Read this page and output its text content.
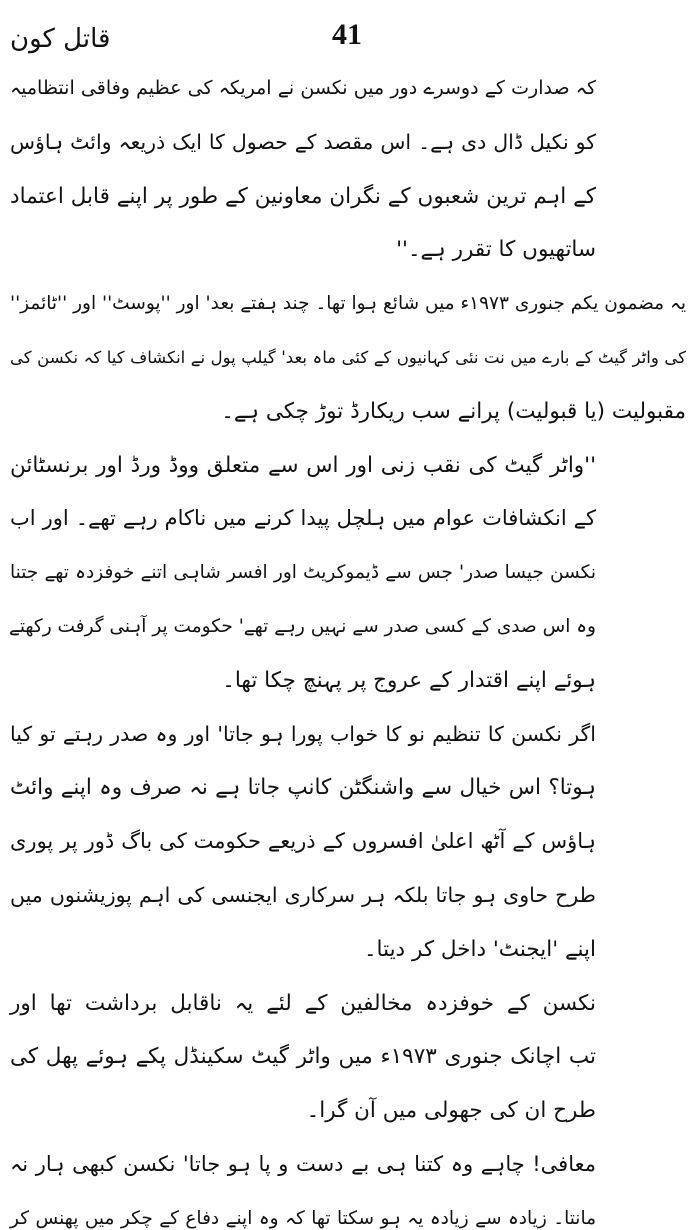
41
قاتل کون
کہ صدارت کے دوسرے دور میں نکسن نے امریکہ کی عظیم وفاقی انتظامیہ
کو نکیل ڈال دی ہے۔ اس مقصد کے حصول کا ایک ذریعہ وائٹ ہاؤس
کے اہم ترین شعبوں کے نگران معاونین کے طور پر اپنے قابل اعتماد
ساتھیوں کا تقرر ہے۔''
یہ مضمون یکم جنوری ۱۹۷۳ء میں شائع ہوا تھا۔ چند ہفتے بعد' اور ''پوسٹ'' اور ''ٹائمز''
کی واٹر گیٹ کے بارے میں نت نئی کہانیوں کے کئی ماہ بعد' گیلپ پول نے انکشاف کیا کہ نکسن کی
مقبولیت (یا قبولیت) پرانے سب ریکارڈ توڑ چکی ہے۔
''واٹر گیٹ کی نقب زنی اور اس سے متعلق ووڈ ورڈ اور برنسٹائن
کے انکشافات عوام میں ہلچل پیدا کرنے میں ناکام رہے تھے۔ اور اب
نکسن جیسا صدر' جس سے ڈیموکریٹ اور افسر شاہی اتنے خوفزدہ تھے جتنا
وہ اس صدی کے کسی صدر سے نہیں رہے تھے' حکومت پر آہنی گرفت رکھتے
ہوئے اپنے اقتدار کے عروج پر پہنچ چکا تھا۔
اگر نکسن کا تنظیم نو کا خواب پورا ہو جاتا' اور وہ صدر رہتے تو کیا
ہوتا؟ اس خیال سے واشنگٹن کانپ جاتا ہے نہ صرف وہ اپنے وائٹ
ہاؤس کے آٹھ اعلیٰ افسروں کے ذریعے حکومت کی باگ ڈور پر پوری
طرح حاوی ہو جاتا بلکہ ہر سرکاری ایجنسی کی اہم پوزیشنوں میں
اپنے 'ایجنٹ' داخل کر دیتا۔
نکسن کے خوفزدہ مخالفین کے لئے یہ ناقابل برداشت تھا اور
تب اچانک جنوری ۱۹۷۳ء میں واٹر گیٹ سکینڈل پکے ہوئے پھل کی
طرح ان کی جھولی میں آن گرا۔
معافی! چاہے وہ کتنا ہی بے دست و پا ہو جاتا' نکسن کبھی ہار نہ
مانتا۔ زیادہ سے زیادہ یہ ہو سکتا تھا کہ وہ اپنے دفاع کے چکر میں پھنس کر
